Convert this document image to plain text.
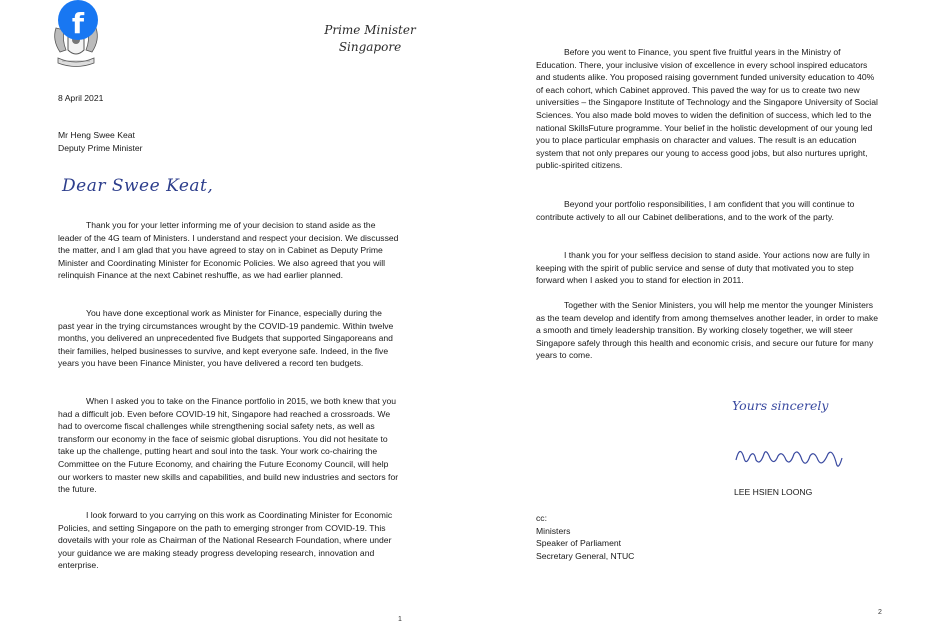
f	Prime Minister
Singapore
8 April 2021
Mr Heng Swee Keat
Deputy Prime Minister
Dear Swee Keat,

Thank you for your letter informing me of your decision to stand aside as the leader of the 4G team of Ministers. I understand and respect your decision. We discussed the matter, and I am glad that you have agreed to stay on in Cabinet as Deputy Prime Minister and Coordinating Minister for Economic Policies. We also agreed that you will relinquish Finance at the next Cabinet reshuffle, as we had earlier planned.

You have done exceptional work as Minister for Finance, especially during the past year in the trying circumstances wrought by the COVID-19 pandemic. Within twelve months, you delivered an unprecedented five Budgets that supported Singaporeans and their families, helped businesses to survive, and kept everyone safe. Indeed, in the five years you have been Finance Minister, you have delivered a record ten budgets.

When I asked you to take on the Finance portfolio in 2015, we both knew that you had a difficult job. Even before COVID-19 hit, Singapore had reached a crossroads. We had to overcome fiscal challenges while strengthening social safety nets, as well as transform our economy in the face of seismic global disruptions. You did not hesitate to take up the challenge, putting heart and soul into the task. Your work co-chairing the Committee on the Future Economy, and chairing the Future Economy Council, will help our workers to master new skills and capabilities, and build new industries and sectors for the future.

I look forward to you carrying on this work as Coordinating Minister for Economic Policies, and setting Singapore on the path to emerging stronger from COVID-19. This dovetails with your role as Chairman of the National Research Foundation, where under your guidance we are making steady progress developing research, innovation and enterprise.

1

Before you went to Finance, you spent five fruitful years in the Ministry of Education. There, your inclusive vision of excellence in every school inspired educators and students alike. You proposed raising government funded university education to 40% of each cohort, which Cabinet approved. This paved the way for us to create two new universities – the Singapore Institute of Technology and the Singapore University of Social Sciences. You also made bold moves to widen the definition of success, which led to the national SkillsFuture programme. Your belief in the holistic development of our young led you to place particular emphasis on character and values. The result is an education system that not only prepares our young to access good jobs, but also nurtures upright, public-spirited citizens.

Beyond your portfolio responsibilities, I am confident that you will continue to contribute actively to all our Cabinet deliberations, and to the work of the party.

I thank you for your selfless decision to stand aside. Your actions now are fully in keeping with the spirit of public service and sense of duty that motivated you to step forward when I asked you to stand for election in 2011.

Together with the Senior Ministers, you will help me mentor the younger Ministers as the team develop and identify from among themselves another leader, in order to make a smooth and timely leadership transition. By working closely together, we will steer Singapore safely through this health and economic crisis, and secure our future for many years to come.

Yours sincerely
LEE HSIEN LOONG
cc:
Ministers
Speaker of Parliament
Secretary General, NTUC
2
